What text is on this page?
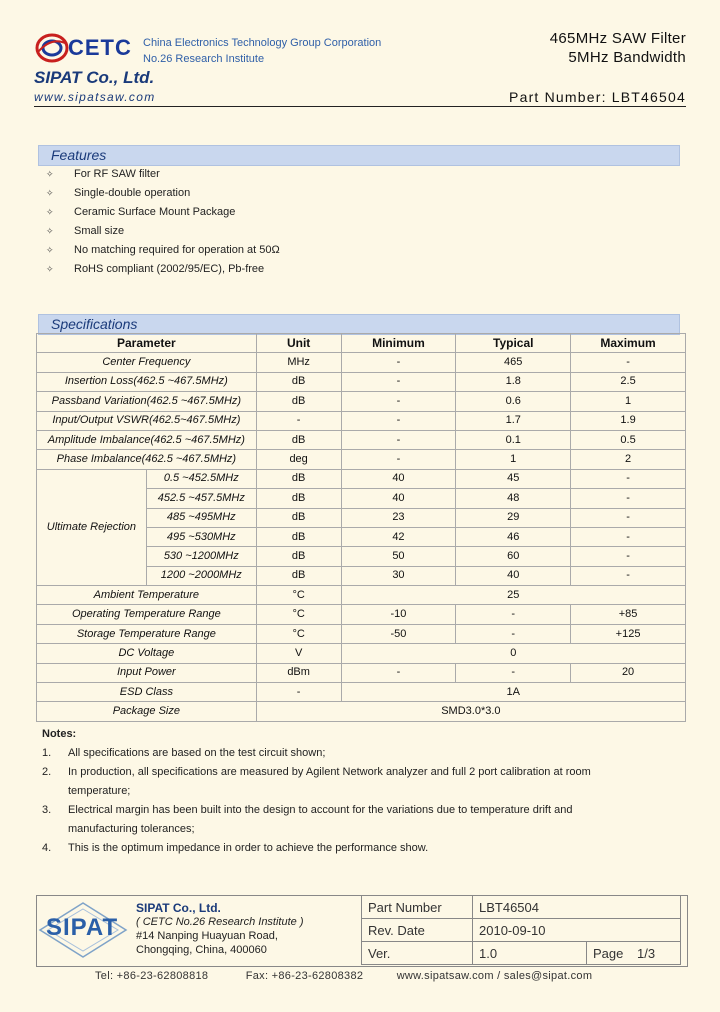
CETC China Electronics Technology Group Corporation
No.26 Research Institute
465MHz SAW Filter
5MHz Bandwidth
SIPAT Co., Ltd.
www.sipatsaw.com	Part Number: LBT46504
Features
✧ For RF SAW filter
✧ Single-double operation
✧ Ceramic Surface Mount Package
✧ Small size
✧ No matching required for operation at 50Ω
✧ RoHS compliant (2002/95/EC), Pb-free
Specifications
Parameter		Unit	Minimum	Typical	Maximum
Center Frequency		MHz	-	465	-
Insertion Loss(462.5 ~467.5MHz)		dB	-	1.8	2.5
Passband Variation(462.5 ~467.5MHz)		dB	-	0.6	1
Input/Output VSWR(462.5~467.5MHz)		-	-	1.7	1.9
Amplitude Imbalance(462.5 ~467.5MHz)		dB	-	0.1	0.5
Phase Imbalance(462.5 ~467.5MHz)		deg	-	1	2
Ultimate Rejection	0.5 ~452.5MHz	dB	40	45	-
	452.5 ~457.5MHz	dB	40	48	-
	485 ~495MHz	dB	23	29	-
	495 ~530MHz	dB	42	46	-
	530 ~1200MHz	dB	50	60	-
	1200 ~2000MHz	dB	30	40	-
Ambient Temperature		°C	25		
Operating Temperature Range		°C	-10	-	+85
Storage Temperature Range		°C	-50	-	+125
DC Voltage		V	0		
Input Power		dBm	-	-	20
ESD Class		-	1A		
Package Size		SMD3.0*3.0			
Notes:
1. All specifications are based on the test circuit shown;
2. In production, all specifications are measured by Agilent Network analyzer and full 2 port calibration at room
temperature;
3. Electrical margin has been built into the design to account for the variations due to temperature drift and
manufacturing tolerances;
4. This is the optimum impedance in order to achieve the performance show.
SIPAT
SIPAT Co., Ltd.
( CETC No.26 Research Institute )
#14 Nanping Huayuan Road,
Chongqing, China, 400060
Part Number	LBT46504	
Rev. Date	2010-09-10	
Ver.	1.0	Page 1/3
Tel: +86-23-62808818	Fax: +86-23-62808382	www.sipatsaw.com / sales@sipat.com
